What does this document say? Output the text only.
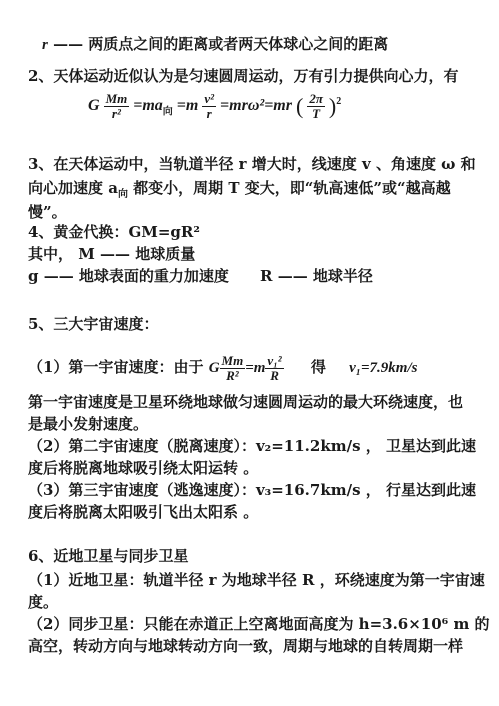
r —— 两质点之间的距离或者两天体球心之间的距离
2、天体运动近似认为是匀速圆周运动，万有引力提供向心力，有
G $\frac{Mm}{\text{r²}} =ma_向 =m \frac{\text{v²}}{r} =mr\omega^2=mr$ ( $\frac{2\pi}{T} )^2$
3、在天体运动中，当轨道半径 r 增大时，线速度 v 、角速度 ω 和
向心加速度 $a_向$ 都变小，周期 T 变大，即“轨高速低”或“越高越
慢”。
4、黄金代换：GM=gR²
其中， M —— 地球质量
g —— 地球表面的重力加速度 R —— 地球半径
5、三大宇宙速度：
（1）第一宇宙速度：由于 G $\frac{Mm}{\text{R²}} =m \frac{\text{v₁²}}{R}$ 得 v₁=7.9km/s
第一宇宙速度是卫星环绕地球做匀速圆周运动的最大环绕速度，也
是最小发射速度。
（2）第二宇宙速度（脱离速度）：v₂=11.2km/s ， 卫星达到此速
度后将脱离地球吸引绕太阳运转 。
（3）第三宇宙速度（逃逸速度）：v₃=16.7km/s ， 行星达到此速
度后将脱离太阳吸引飞出太阳系 。
6、近地卫星与同步卫星
（1）近地卫星：轨道半径 r 为地球半径 R ，环绕速度为第一宇宙速
度。
（2）同步卫星：只能在赤道正上空离地面高度为 h=3.6×10⁶ m 的
高空，转动方向与地球转动方向一致，周期与地球的自转周期一样
